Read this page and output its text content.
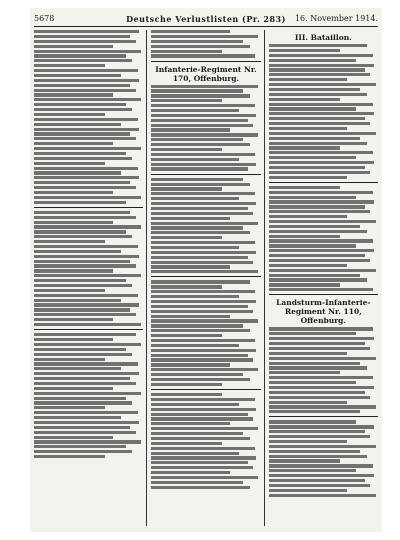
5678	Deutsche Verlustlisten (Pr. 283)	16. November 1914.
Infanterie-Regiment Nr. 170, Offenburg.
III. Bataillon.
Landsturm-Infanterie-Regiment Nr. 110, Offenburg.
